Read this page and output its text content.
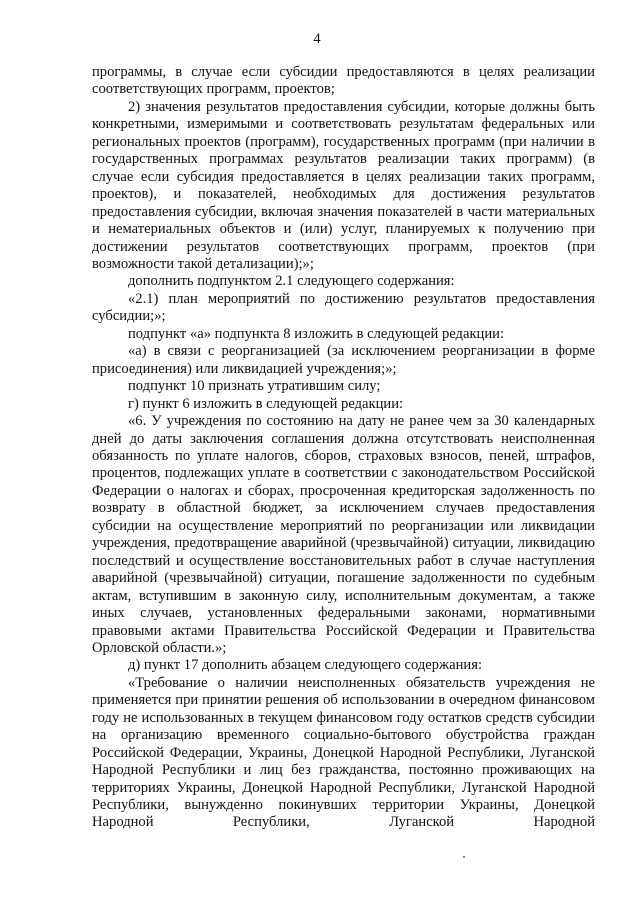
4

программы, в случае если субсидии предоставляются в целях реализации соответствующих программ, проектов;

2) значения результатов предоставления субсидии, которые должны быть конкретными, измеримыми и соответствовать результатам федеральных или региональных проектов (программ), государственных программ (при наличии в государственных программах результатов реализации таких программ) (в случае если субсидия предоставляется в целях реализации таких программ, проектов), и показателей, необходимых для достижения результатов предоставления субсидии, включая значения показателей в части материальных и нематериальных объектов и (или) услуг, планируемых к получению при достижении результатов соответствующих программ, проектов (при возможности такой детализации);»;

дополнить подпунктом 2.1 следующего содержания:

«2.1) план мероприятий по достижению результатов предоставления субсидии;»;

подпункт «а» подпункта 8 изложить в следующей редакции:

«а) в связи с реорганизацией (за исключением реорганизации в форме присоединения) или ликвидацией учреждения;»;

подпункт 10 признать утратившим силу;

г) пункт 6 изложить в следующей редакции:

«6. У учреждения по состоянию на дату не ранее чем за 30 календарных дней до даты заключения соглашения должна отсутствовать неисполненная обязанность по уплате налогов, сборов, страховых взносов, пеней, штрафов, процентов, подлежащих уплате в соответствии с законодательством Российской Федерации о налогах и сборах, просроченная кредиторская задолженность по возврату в областной бюджет, за исключением случаев предоставления субсидии на осуществление мероприятий по реорганизации или ликвидации учреждения, предотвращение аварийной (чрезвычайной) ситуации, ликвидацию последствий и осуществление восстановительных работ в случае наступления аварийной (чрезвычайной) ситуации, погашение задолженности по судебным актам, вступившим в законную силу, исполнительным документам, а также иных случаев, установленных федеральными законами, нормативными правовыми актами Правительства Российской Федерации и Правительства Орловской области.»;

д) пункт 17 дополнить абзацем следующего содержания:

«Требование о наличии неисполненных обязательств учреждения не применяется при принятии решения об использовании в очередном финансовом году не использованных в текущем финансовом году остатков средств субсидии на организацию временного социально-бытового обустройства граждан Российской Федерации, Украины, Донецкой Народной Республики, Луганской Народной Республики и лиц без гражданства, постоянно проживающих на территориях Украины, Донецкой Народной Республики, Луганской Народной Республики, вынужденно покинувших территории Украины, Донецкой Народной Республики, Луганской Народной
